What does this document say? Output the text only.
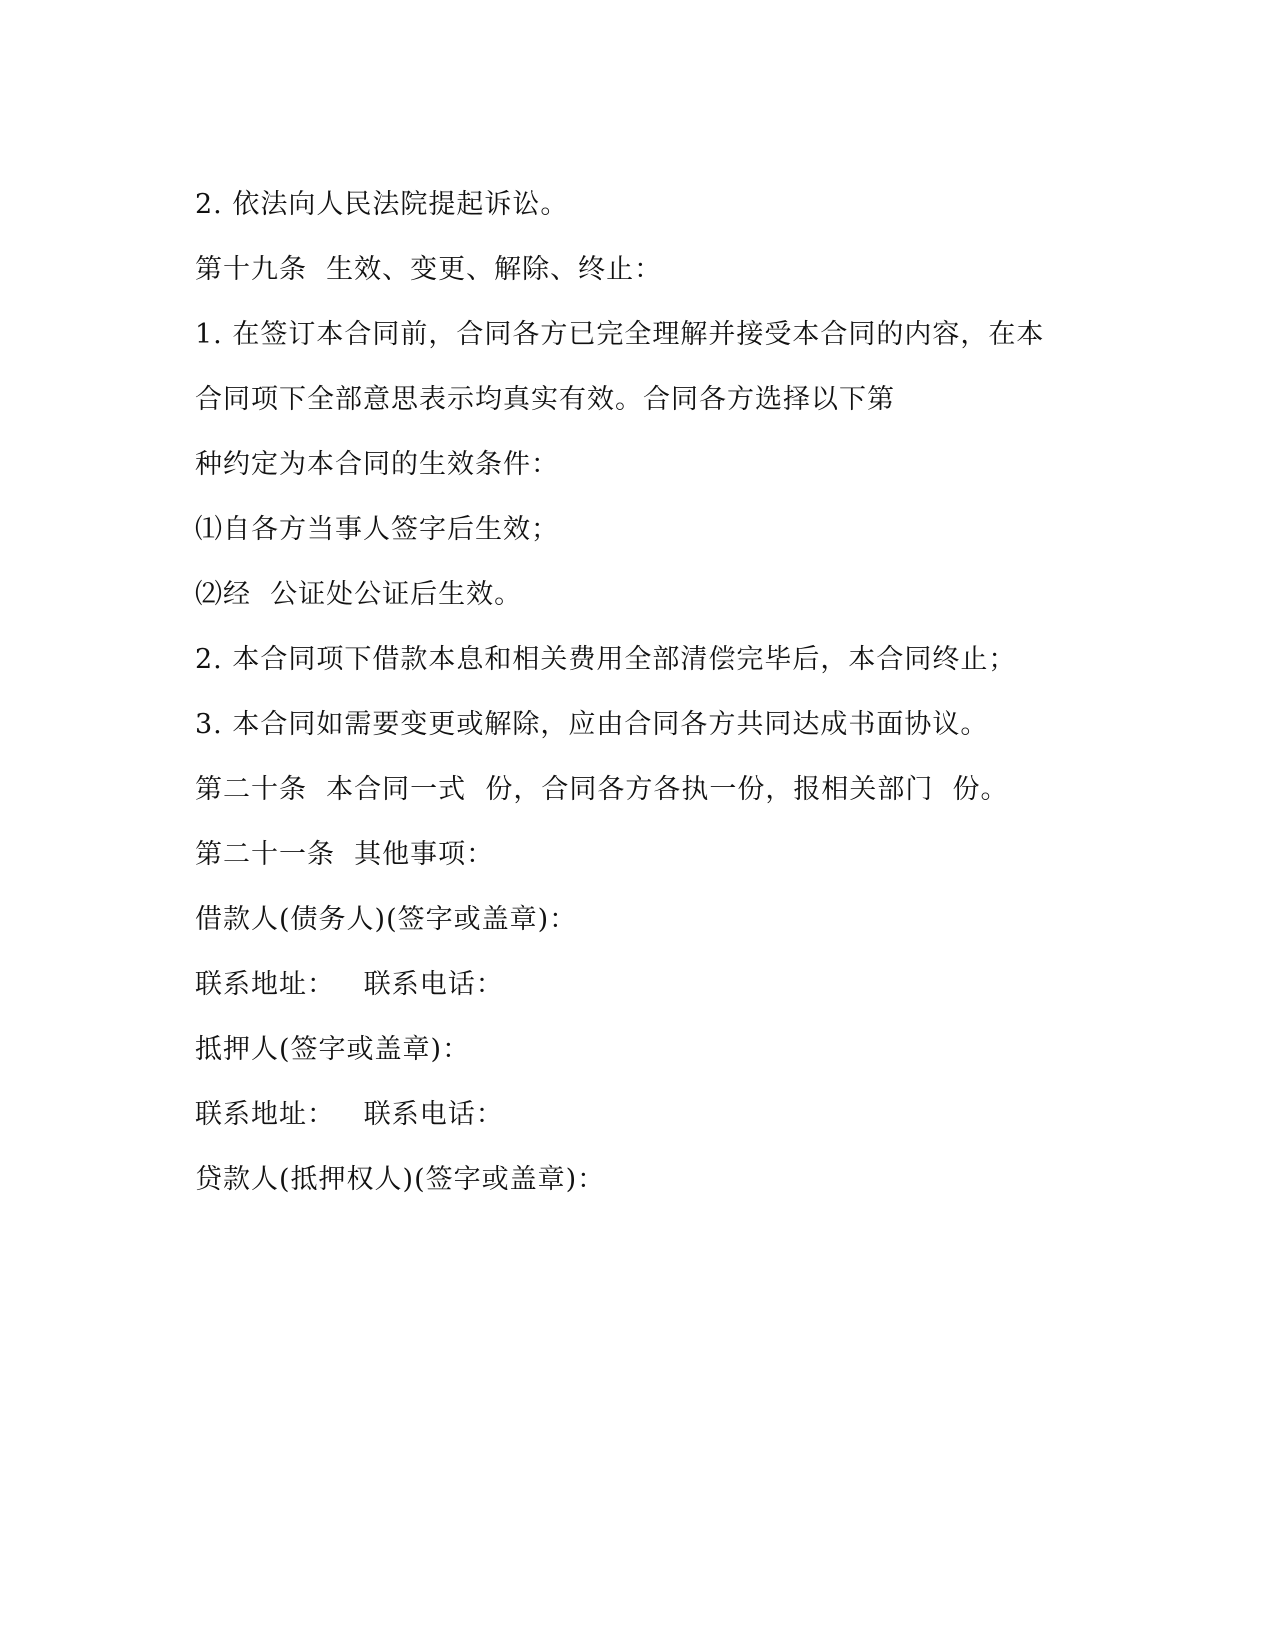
2. 依法向人民法院提起诉讼。
第十九条  生效、变更、解除、终止：
1. 在签订本合同前，合同各方已完全理解并接受本合同的内容，在本
合同项下全部意思表示均真实有效。合同各方选择以下第
种约定为本合同的生效条件：
⑴自各方当事人签字后生效；
⑵经  公证处公证后生效。
2. 本合同项下借款本息和相关费用全部清偿完毕后，本合同终止；
3. 本合同如需要变更或解除，应由合同各方共同达成书面协议。
第二十条  本合同一式  份，合同各方各执一份，报相关部门  份。
第二十一条  其他事项：
借款人(债务人)(签字或盖章)：
联系地址：   联系电话：
抵押人(签字或盖章)：
联系地址：   联系电话：
贷款人(抵押权人)(签字或盖章)：
